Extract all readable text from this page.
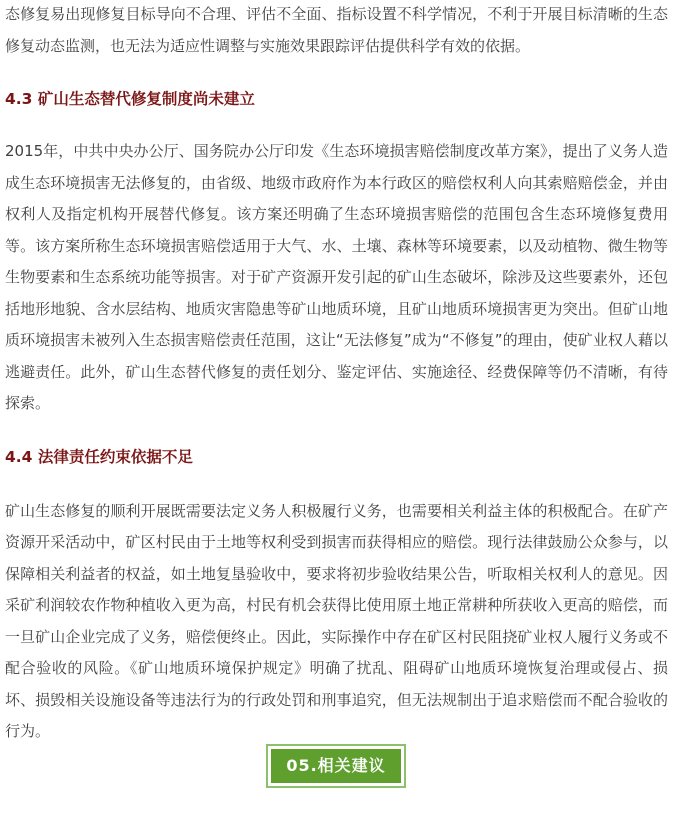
态修复易出现修复目标导向不合理、评估不全面、指标设置不科学情况，不利于开展目标清晰的生态修复动态监测，也无法为适应性调整与实施效果跟踪评估提供科学有效的依据。

4.3 矿山生态替代修复制度尚未建立

2015年，中共中央办公厅、国务院办公厅印发《生态环境损害赔偿制度改革方案》，提出了义务人造成生态环境损害无法修复的，由省级、地级市政府作为本行政区的赔偿权利人向其索赔赔偿金，并由权利人及指定机构开展替代修复。该方案还明确了生态环境损害赔偿的范围包含生态环境修复费用等。该方案所称生态环境损害赔偿适用于大气、水、土壤、森林等环境要素，以及动植物、微生物等生物要素和生态系统功能等损害。对于矿产资源开发引起的矿山生态破坏，除涉及这些要素外，还包括地形地貌、含水层结构、地质灾害隐患等矿山地质环境，且矿山地质环境损害更为突出。但矿山地质环境损害未被列入生态损害赔偿责任范围，这让“无法修复”成为“不修复”的理由，使矿业权人藉以逃避责任。此外，矿山生态替代修复的责任划分、鉴定评估、实施途径、经费保障等仍不清晰，有待探索。

4.4 法律责任约束依据不足

矿山生态修复的顺利开展既需要法定义务人积极履行义务，也需要相关利益主体的积极配合。在矿产资源开采活动中，矿区村民由于土地等权利受到损害而获得相应的赔偿。现行法律鼓励公众参与，以保障相关利益者的权益，如土地复垦验收中，要求将初步验收结果公告，听取相关权利人的意见。因采矿利润较农作物种植收入更为高，村民有机会获得比使用原土地正常耕种所获收入更高的赔偿，而一旦矿山企业完成了义务，赔偿便终止。因此，实际操作中存在矿区村民阻挠矿业权人履行义务或不配合验收的风险。《矿山地质环境保护规定》明确了扰乱、阻碍矿山地质环境恢复治理或侵占、损坏、损毁相关设施设备等违法行为的行政处罚和刑事追究，但无法规制出于追求赔偿而不配合验收的行为。

05.相关建议
